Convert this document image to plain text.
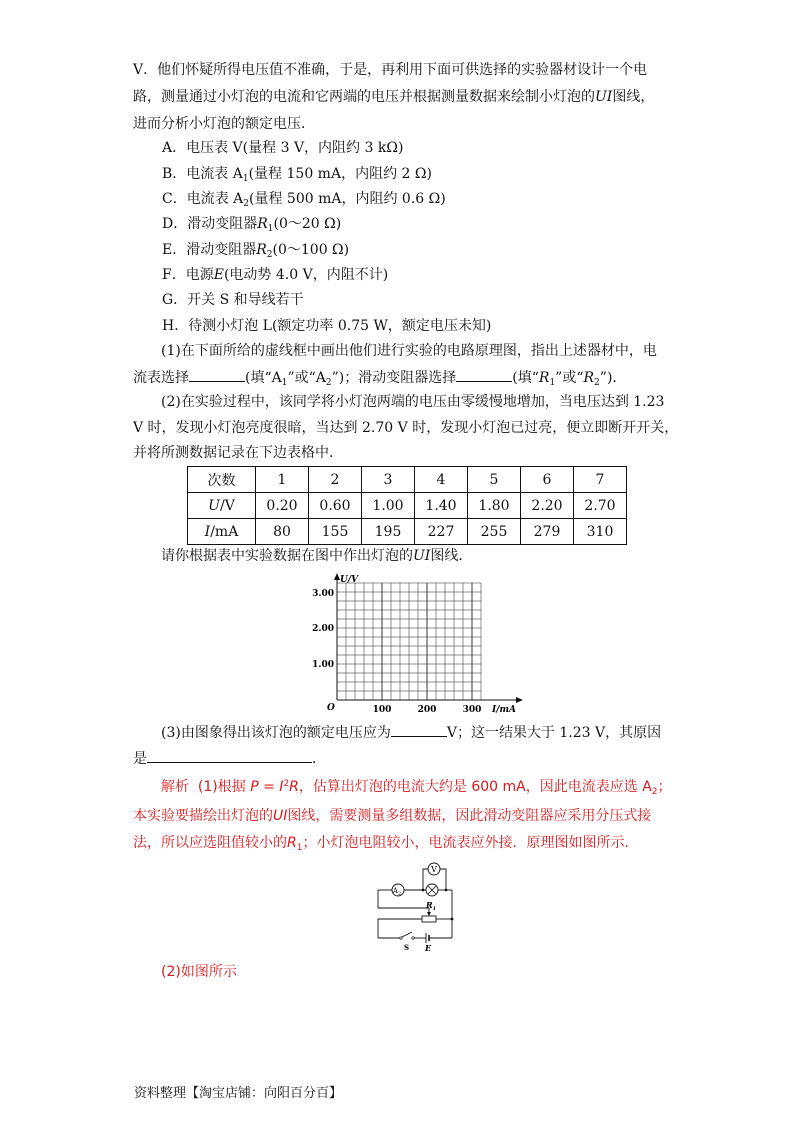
V．他们怀疑所得电压值不准确，于是，再利用下面可供选择的实验器材设计一个电
路，测量通过小灯泡的电流和它两端的电压并根据测量数据来绘制小灯泡的UI图线，
进而分析小灯泡的额定电压．
A．电压表 V(量程 3 V，内阻约 3 kΩ)
B．电流表 $A_1$(量程 150 mA，内阻约 2 Ω)
C．电流表 $A_2$(量程 500 mA，内阻约 0.6 Ω)
D．滑动变阻器$R_1(0\sim 20$ Ω)
E．滑动变阻器$R_2(0\sim 100$ Ω)
F．电源E(电动势 4.0 V，内阻不计)
G．开关 S 和导线若干
H．待测小灯泡 L(额定功率 0.75 W，额定电压未知)
(1)在下面所给的虚线框中画出他们进行实验的电路原理图，指出上述器材中，电
流表选择	(填“$A_1$”或“$A_2$”)；滑动变阻器选择	(填“$R_1$”或“$R_2$”)．
(2)在实验过程中，该同学将小灯泡两端的电压由零缓慢地增加，当电压达到 1.23
V 时，发现小灯泡亮度很暗，当达到 2.70 V 时，发现小灯泡已过亮，便立即断开开关，
并将所测数据记录在下边表格中．
次数	1	2	3	4	5	6	7
U/V	0.20	0.60	1.00	1.40	1.80	2.20	2.70
I/mA	80	155	195	227	255	279	310
请你根据表中实验数据在图中作出灯泡的UI图线．
U/V
I/mA
O
1.00
2.00
3.00
100	200	300
(3)由图象得出该灯泡的额定电压应为	V；这一结果大于 1.23 V，其原因
是	．
解析 (1)根据 $P = I^2R$，估算出灯泡的电流大约是 600 mA，因此电流表应选 $A_2$；
本实验要描绘出灯泡的UI图线，需要测量多组数据，因此滑动变阻器应采用分压式接
法，所以应选阻值较小的$R_1$；小灯泡电阻较小，电流表应外接．原理图如图所示．
V
$A_2$
$R_1$
S E
(2)如图所示
资料整理【淘宝店铺：向阳百分百】
